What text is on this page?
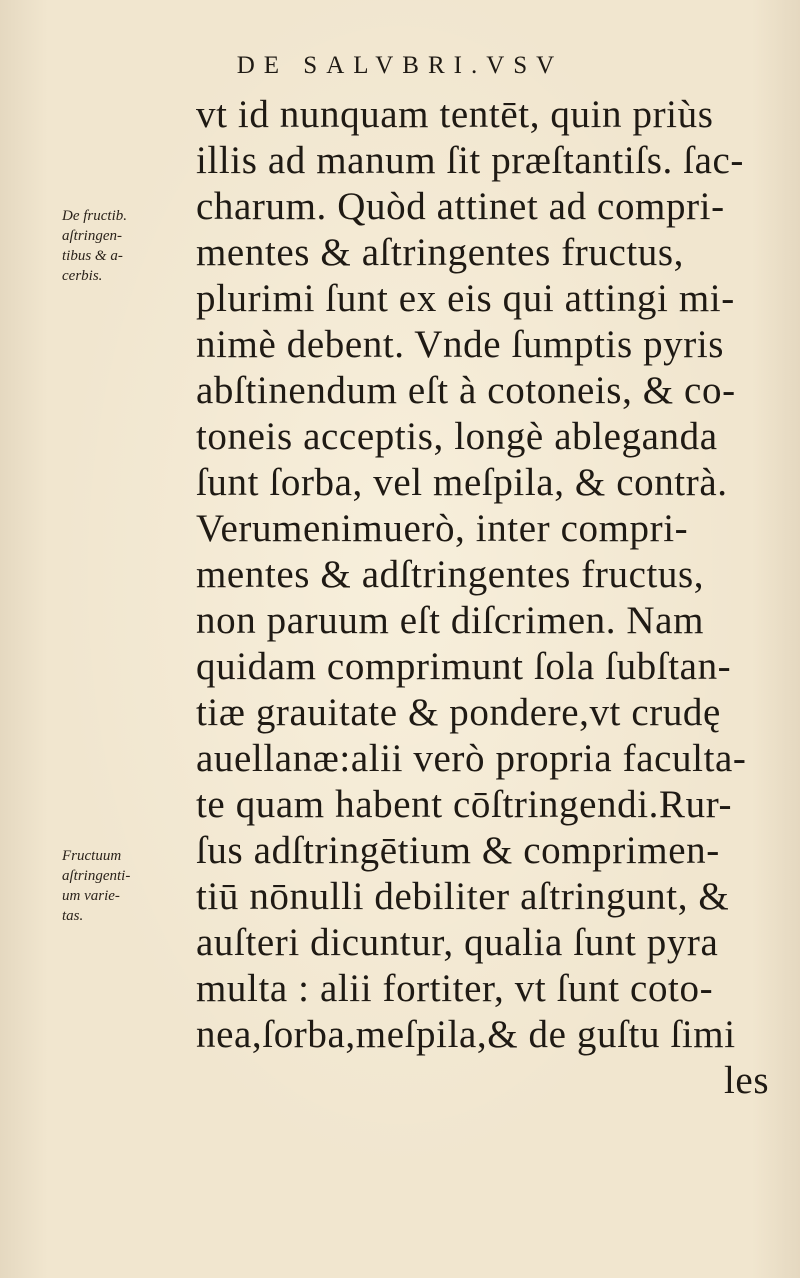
DE SALVBRI.VSV
vt id nunquam tentēt, quin priùs
illis ad manum ſit præſtantiſs. ſac-
charum. Quòd attinet ad compri-
mentes & aſtringentes fructus,
plurimi ſunt ex eis qui attingi mi-
nimè debent. Vnde ſumptis pyris
abſtinendum eſt à cotoneis, & co-
toneis acceptis, longè ablegandа
ſunt ſorba, vel meſpila, & contrà.
Verumenimuerò, inter compri-
mentes & adſtringentes fructus,
non paruum eſt diſcrimen. Nam
quidam comprimunt ſola ſubſtan-
tiæ grauitate & pondere,vt crudę
auellanæ:alii verò propria faculta-
te quam habent cōſtringendi.Rur-
ſus adſtringētium & comprimen-
tiū nōnulli debiliter aſtringunt, &
auſteri dicuntur, qualia ſunt pyra
multa : alii fortiter, vt ſunt coto-
nea,ſorba,meſpila,& de guſtu ſimi
les
De fructib.
aſtringen-
tibus & a-
cerbis.
Fructuum
aſtringenti-
um varie-
tas.
